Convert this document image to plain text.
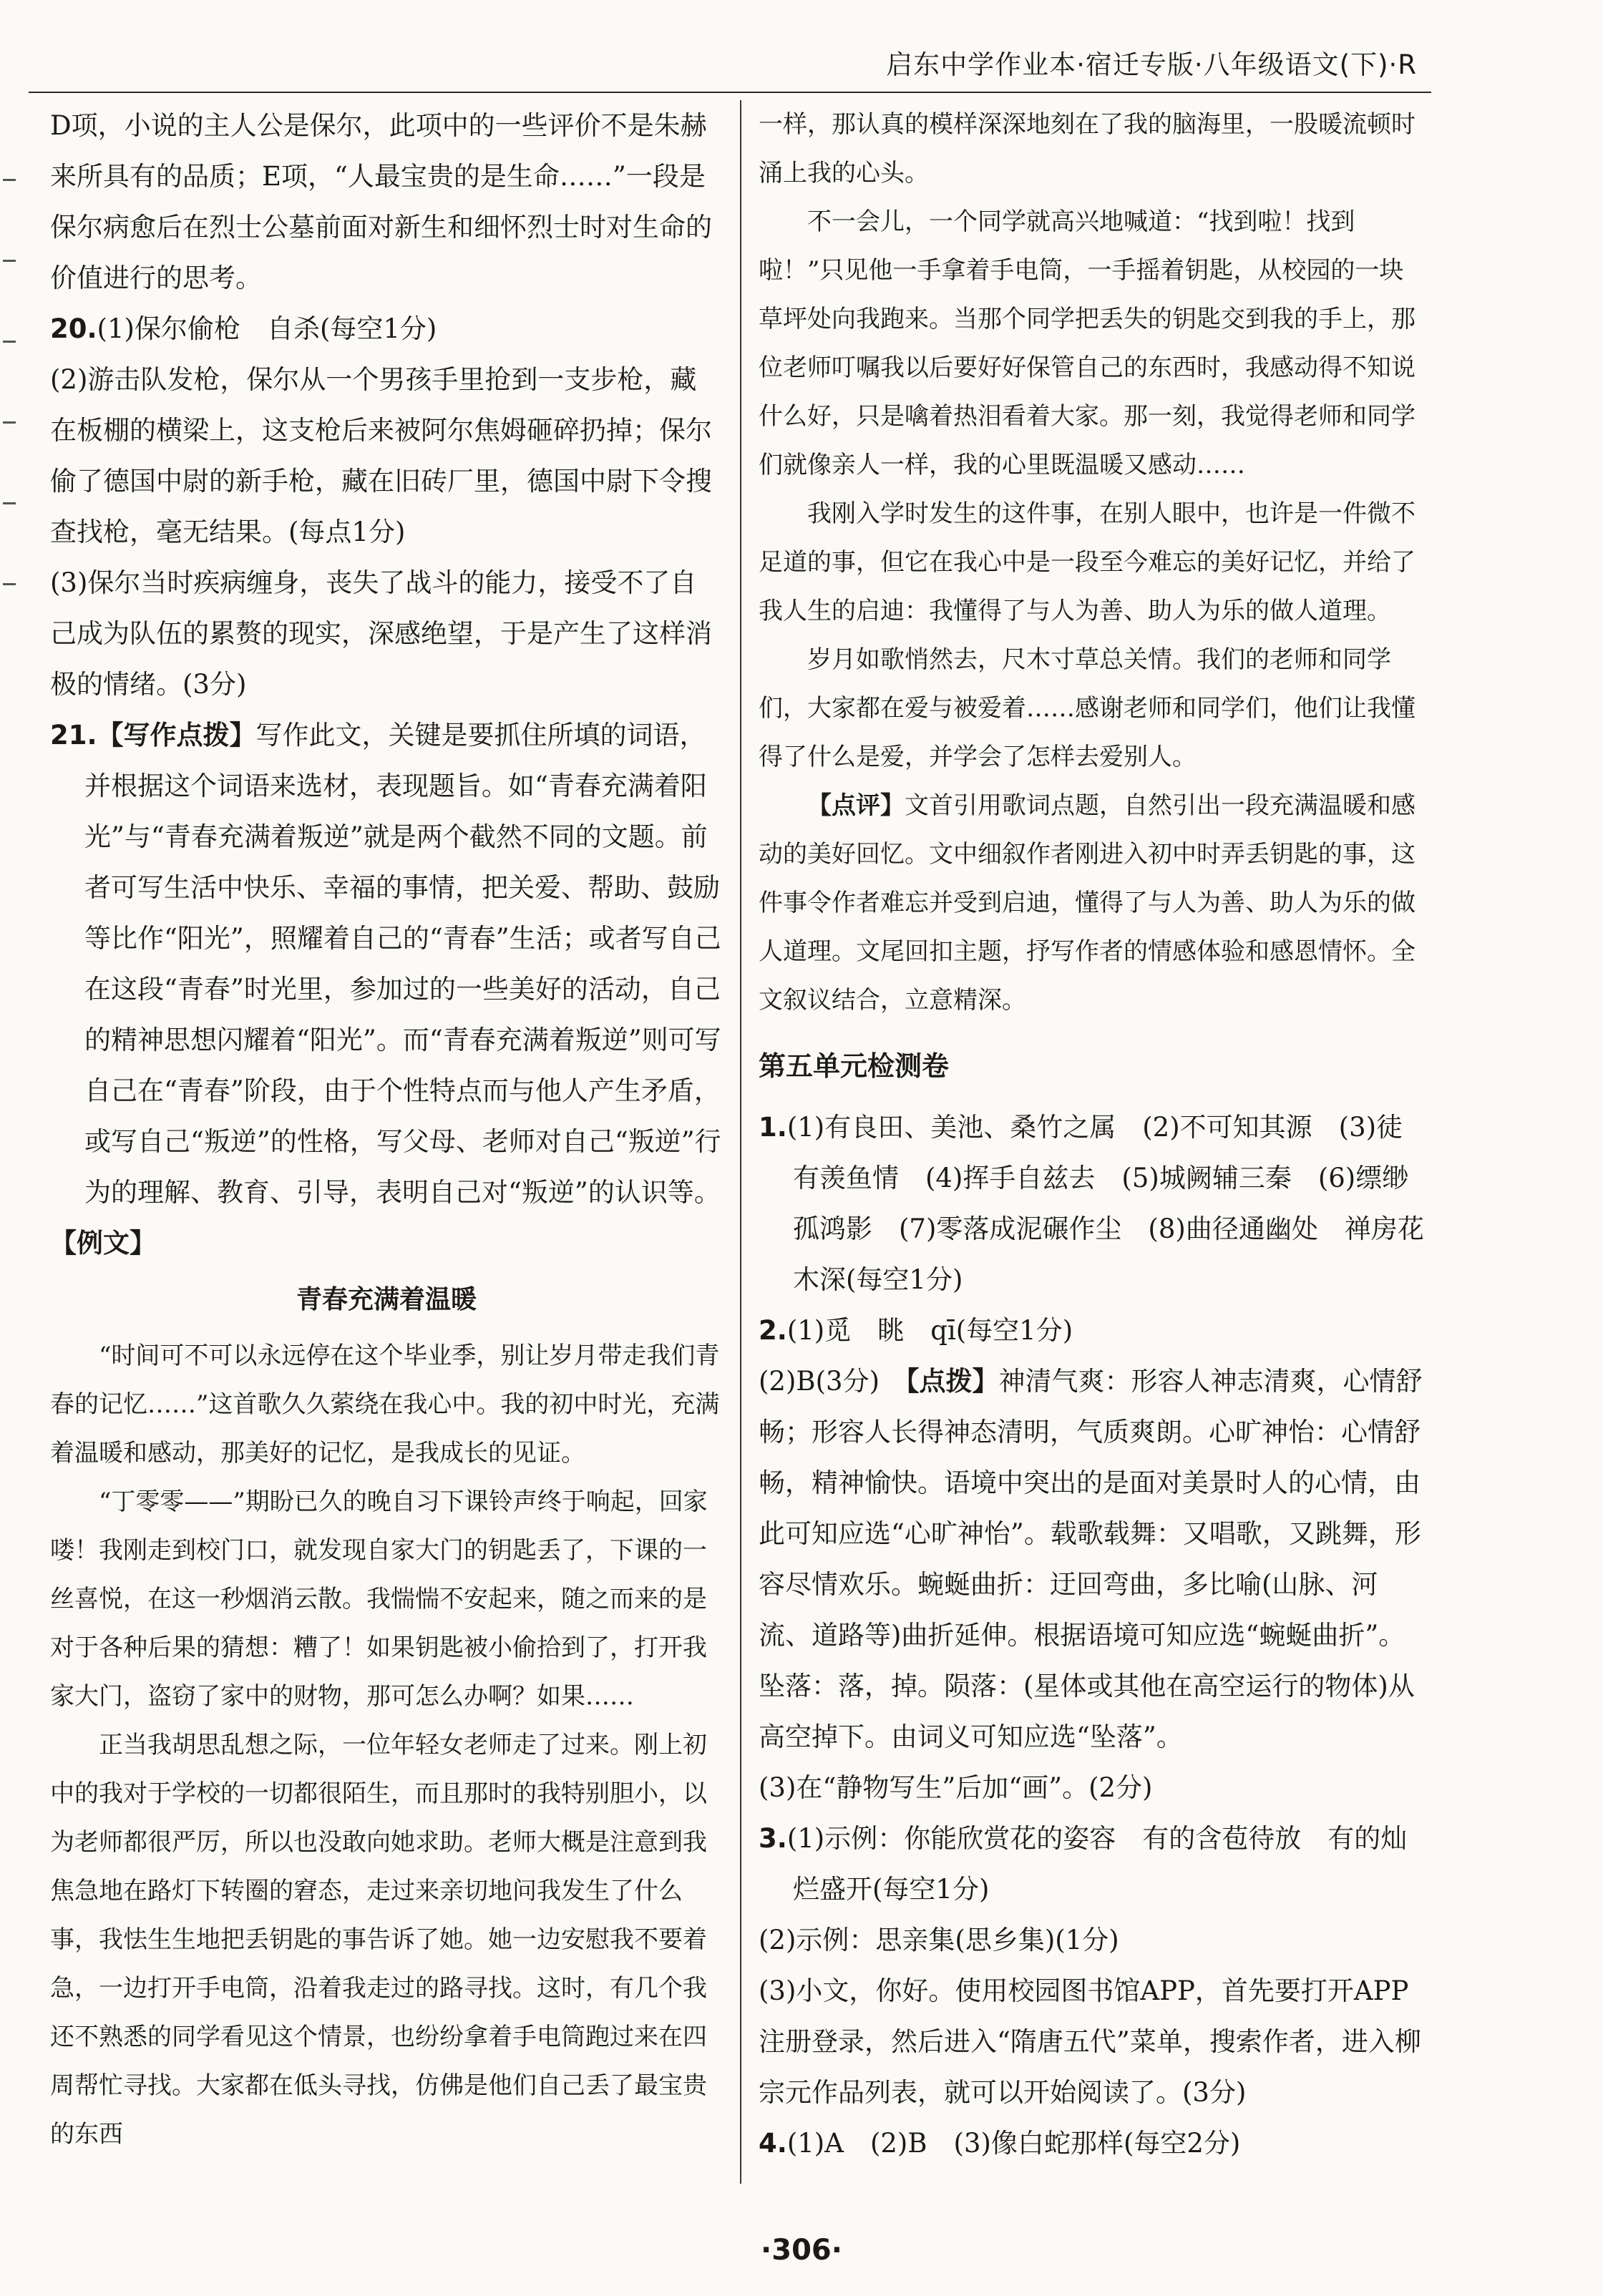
启东中学作业本·宿迁专版·八年级语文(下)·R

D项，小说的主人公是保尔，此项中的一些评价不是朱赫来所具有的品质；E项，“人最宝贵的是生命……”一段是保尔病愈后在烈士公墓前面对新生和细怀烈士时对生命的价值进行的思考。

20.(1)保尔偷枪　自杀(每空1分)

(2)游击队发枪，保尔从一个男孩手里抢到一支步枪，藏在板棚的横梁上，这支枪后来被阿尔焦姆砸碎扔掉；保尔偷了德国中尉的新手枪，藏在旧砖厂里，德国中尉下令搜查找枪，毫无结果。(每点1分)

(3)保尔当时疾病缠身，丧失了战斗的能力，接受不了自己成为队伍的累赘的现实，深感绝望，于是产生了这样消极的情绪。(3分)

21.【写作点拨】写作此文，关键是要抓住所填的词语，并根据这个词语来选材，表现题旨。如“青春充满着阳光”与“青春充满着叛逆”就是两个截然不同的文题。前者可写生活中快乐、幸福的事情，把关爱、帮助、鼓励等比作“阳光”，照耀着自己的“青春”生活；或者写自己在这段“青春”时光里，参加过的一些美好的活动，自己的精神思想闪耀着“阳光”。而“青春充满着叛逆”则可写自己在“青春”阶段，由于个性特点而与他人产生矛盾，或写自己“叛逆”的性格，写父母、老师对自己“叛逆”行为的理解、教育、引导，表明自己对“叛逆”的认识等。

【例文】

青春充满着温暖

“时间可不可以永远停在这个毕业季，别让岁月带走我们青春的记忆……”这首歌久久萦绕在我心中。我的初中时光，充满着温暖和感动，那美好的记忆，是我成长的见证。

“丁零零——”期盼已久的晚自习下课铃声终于响起，回家喽！我刚走到校门口，就发现自家大门的钥匙丢了，下课的一丝喜悦，在这一秒烟消云散。我惴惴不安起来，随之而来的是对于各种后果的猜想：糟了！如果钥匙被小偷拾到了，打开我家大门，盗窃了家中的财物，那可怎么办啊？如果……

正当我胡思乱想之际，一位年轻女老师走了过来。刚上初中的我对于学校的一切都很陌生，而且那时的我特别胆小，以为老师都很严厉，所以也没敢向她求助。老师大概是注意到我焦急地在路灯下转圈的窘态，走过来亲切地问我发生了什么事，我怯生生地把丢钥匙的事告诉了她。她一边安慰我不要着急，一边打开手电筒，沿着我走过的路寻找。这时，有几个我还不熟悉的同学看见这个情景，也纷纷拿着手电筒跑过来在四周帮忙寻找。大家都在低头寻找，仿佛是他们自己丢了最宝贵的东西

一样，那认真的模样深深地刻在了我的脑海里，一股暖流顿时涌上我的心头。

不一会儿，一个同学就高兴地喊道：“找到啦！找到啦！”只见他一手拿着手电筒，一手摇着钥匙，从校园的一块草坪处向我跑来。当那个同学把丢失的钥匙交到我的手上，那位老师叮嘱我以后要好好保管自己的东西时，我感动得不知说什么好，只是噙着热泪看着大家。那一刻，我觉得老师和同学们就像亲人一样，我的心里既温暖又感动……

我刚入学时发生的这件事，在别人眼中，也许是一件微不足道的事，但它在我心中是一段至今难忘的美好记忆，并给了我人生的启迪：我懂得了与人为善、助人为乐的做人道理。

岁月如歌悄然去，尺木寸草总关情。我们的老师和同学们，大家都在爱与被爱着……感谢老师和同学们，他们让我懂得了什么是爱，并学会了怎样去爱别人。

【点评】文首引用歌词点题，自然引出一段充满温暖和感动的美好回忆。文中细叙作者刚进入初中时弄丢钥匙的事，这件事令作者难忘并受到启迪，懂得了与人为善、助人为乐的做人道理。文尾回扣主题，抒写作者的情感体验和感恩情怀。全文叙议结合，立意精深。

第五单元检测卷

1.(1)有良田、美池、桑竹之属　(2)不可知其源　(3)徒有羡鱼情　(4)挥手自兹去　(5)城阙辅三秦　(6)缥缈孤鸿影　(7)零落成泥碾作尘　(8)曲径通幽处　禅房花木深(每空1分)

2.(1)觅　眺　qī(每空1分)

(2)B(3分)　【点拨】神清气爽：形容人神志清爽，心情舒畅；形容人长得神态清明，气质爽朗。心旷神怡：心情舒畅，精神愉快。语境中突出的是面对美景时人的心情，由此可知应选“心旷神怡”。载歌载舞：又唱歌，又跳舞，形容尽情欢乐。蜿蜒曲折：迂回弯曲，多比喻(山脉、河流、道路等)曲折延伸。根据语境可知应选“蜿蜒曲折”。坠落：落，掉。陨落：(星体或其他在高空运行的物体)从高空掉下。由词义可知应选“坠落”。

(3)在“静物写生”后加“画”。(2分)

3.(1)示例：你能欣赏花的姿容　有的含苞待放　有的灿烂盛开(每空1分)

(2)示例：思亲集(思乡集)(1分)

(3)小文，你好。使用校园图书馆APP，首先要打开APP注册登录，然后进入“隋唐五代”菜单，搜索作者，进入柳宗元作品列表，就可以开始阅读了。(3分)

4.(1)A　(2)B　(3)像白蛇那样(每空2分)

·306·
